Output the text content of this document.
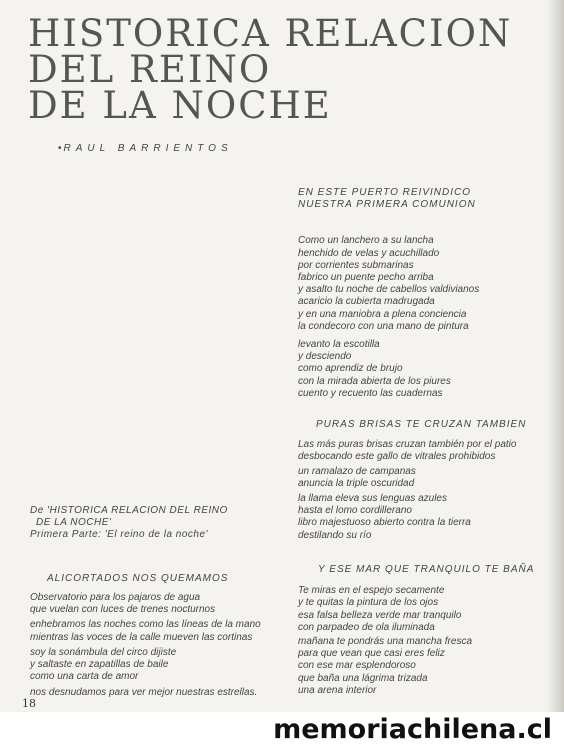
HISTORICA RELACION
DEL REINO
DE LA NOCHE
• RAUL BARRIENTOS
EN ESTE PUERTO REIVINDICO
NUESTRA PRIMERA COMUNION
Como un lanchero a su lancha
henchido de velas y acuchillado
por corrientes submarinas
fabrico un puente pecho arriba
y asalto tu noche de cabellos valdivianos
acaricio la cubierta madrugada
y en una maniobra a plena conciencia
la condecoro con una mano de pintura
levanto la escotilla
y desciendo
como aprendiz de brujo
con la mirada abierta de los piures
cuento y recuento las cuadernas
PURAS BRISAS TE CRUZAN TAMBIEN
Las más puras brisas cruzan también por el patio
desbocando este gallo de vitrales prohibidos
un ramalazo de campanas
anuncia la triple oscuridad
la llama eleva sus lenguas azules
hasta el lomo cordillerano
libro majestuoso abierto contra la tierra
destilando su río
Y ESE MAR QUE TRANQUILO TE BAÑA
Te miras en el espejo secamente
y te quitas la pintura de los ojos
esa falsa belleza verde mar tranquilo
con parpadeo de ola iluminada
mañana te pondrás una mancha fresca
para que vean que casi eres feliz
con ese mar esplendoroso
que baña una lágrima trizada
una arena interior
De 'HISTORICA RELACION DEL REINO
DE LA NOCHE'
Primera Parte: 'El reino de la noche'
ALICORTADOS NOS QUEMAMOS
Observatorio para los pajaros de agua
que vuelan con luces de trenes nocturnos
enhebramos las noches como las líneas de la mano
mientras las voces de la calle mueven las cortinas
soy la sonámbula del circo dijiste
y saltaste en zapatillas de baile
como una carta de amor
nos desnudamos para ver mejor nuestras estrellas.
18
memoriachilena.cl
